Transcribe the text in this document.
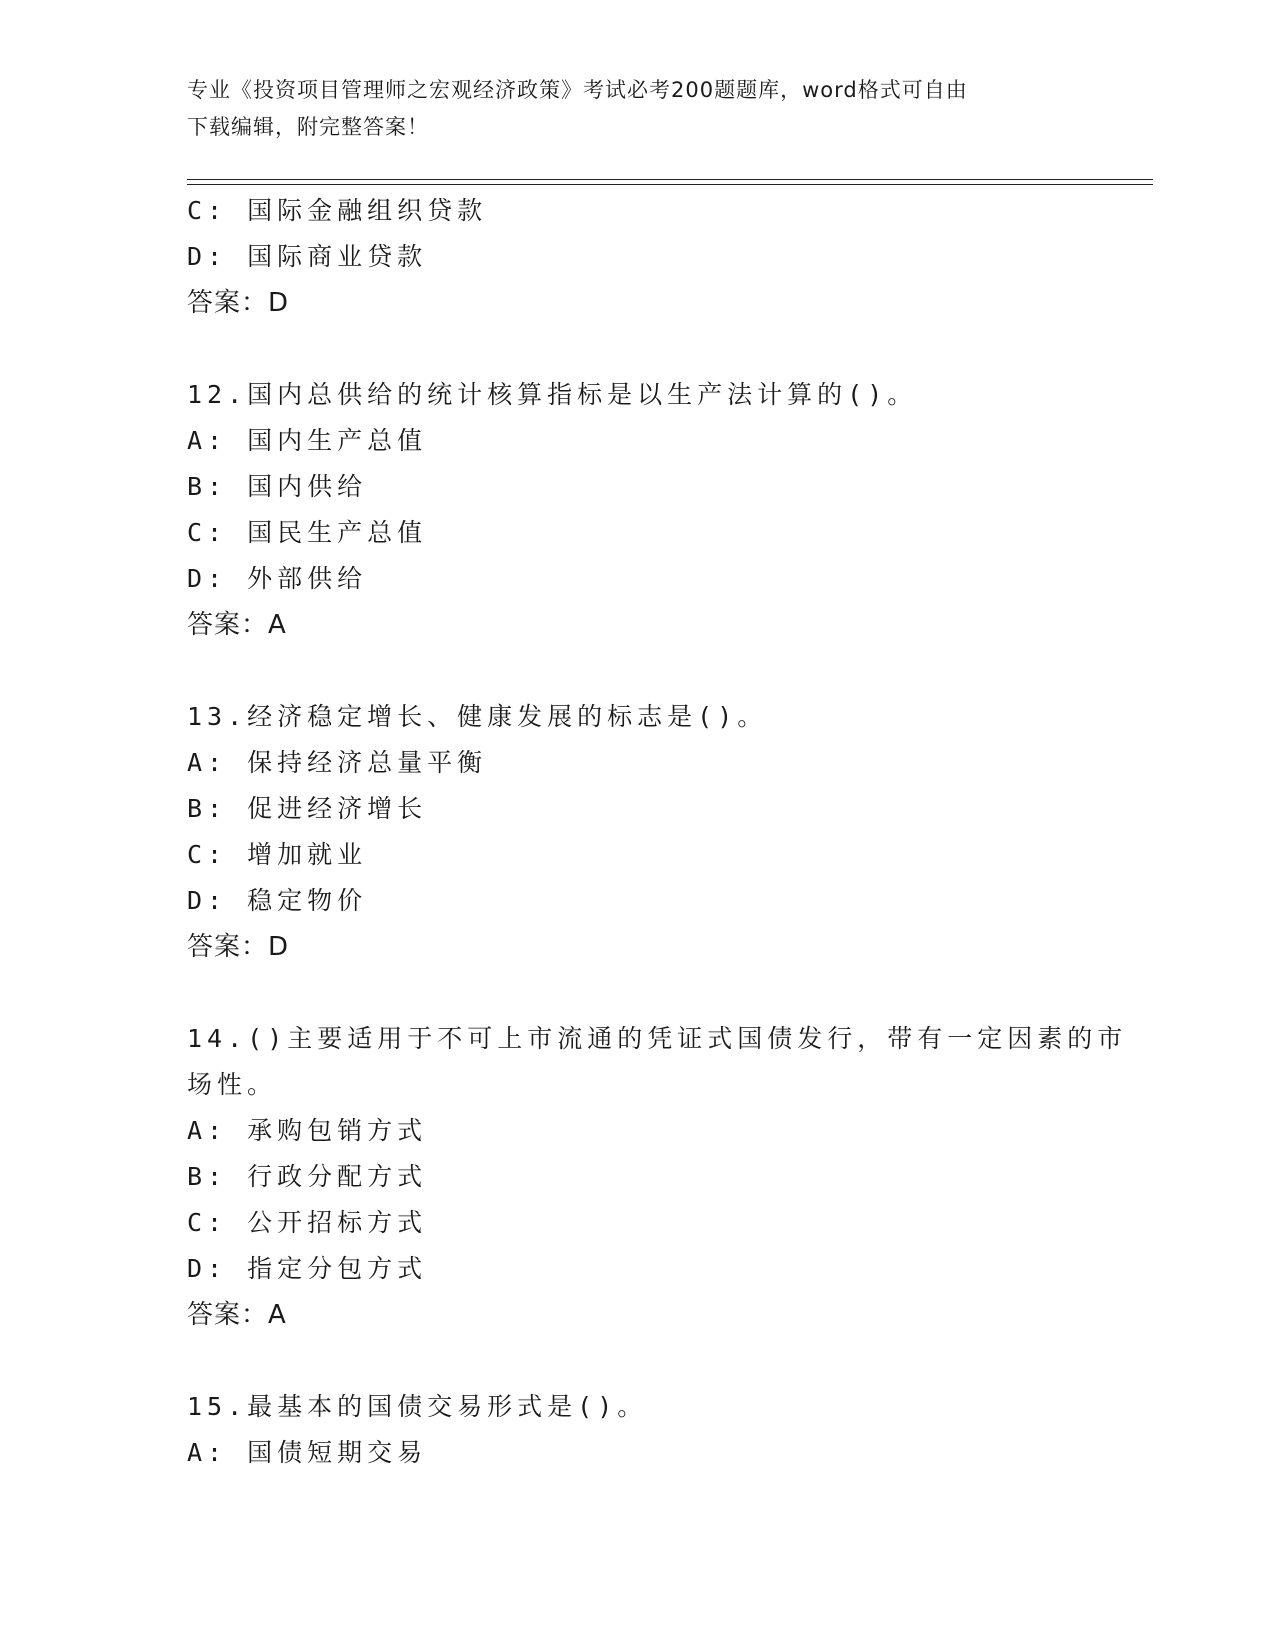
专业《投资项目管理师之宏观经济政策》考试必考200题题库，word格式可自由
下载编辑，附完整答案！
C: 国际金融组织贷款
D: 国际商业贷款
答案：D
12.国内总供给的统计核算指标是以生产法计算的()。
A: 国内生产总值
B: 国内供给
C: 国民生产总值
D: 外部供给
答案：A
13.经济稳定增长、健康发展的标志是()。
A: 保持经济总量平衡
B: 促进经济增长
C: 增加就业
D: 稳定物价
答案：D
14.()主要适用于不可上市流通的凭证式国债发行，带有一定因素的市
场性。
A: 承购包销方式
B: 行政分配方式
C: 公开招标方式
D: 指定分包方式
答案：A
15.最基本的国债交易形式是()。
A: 国债短期交易
